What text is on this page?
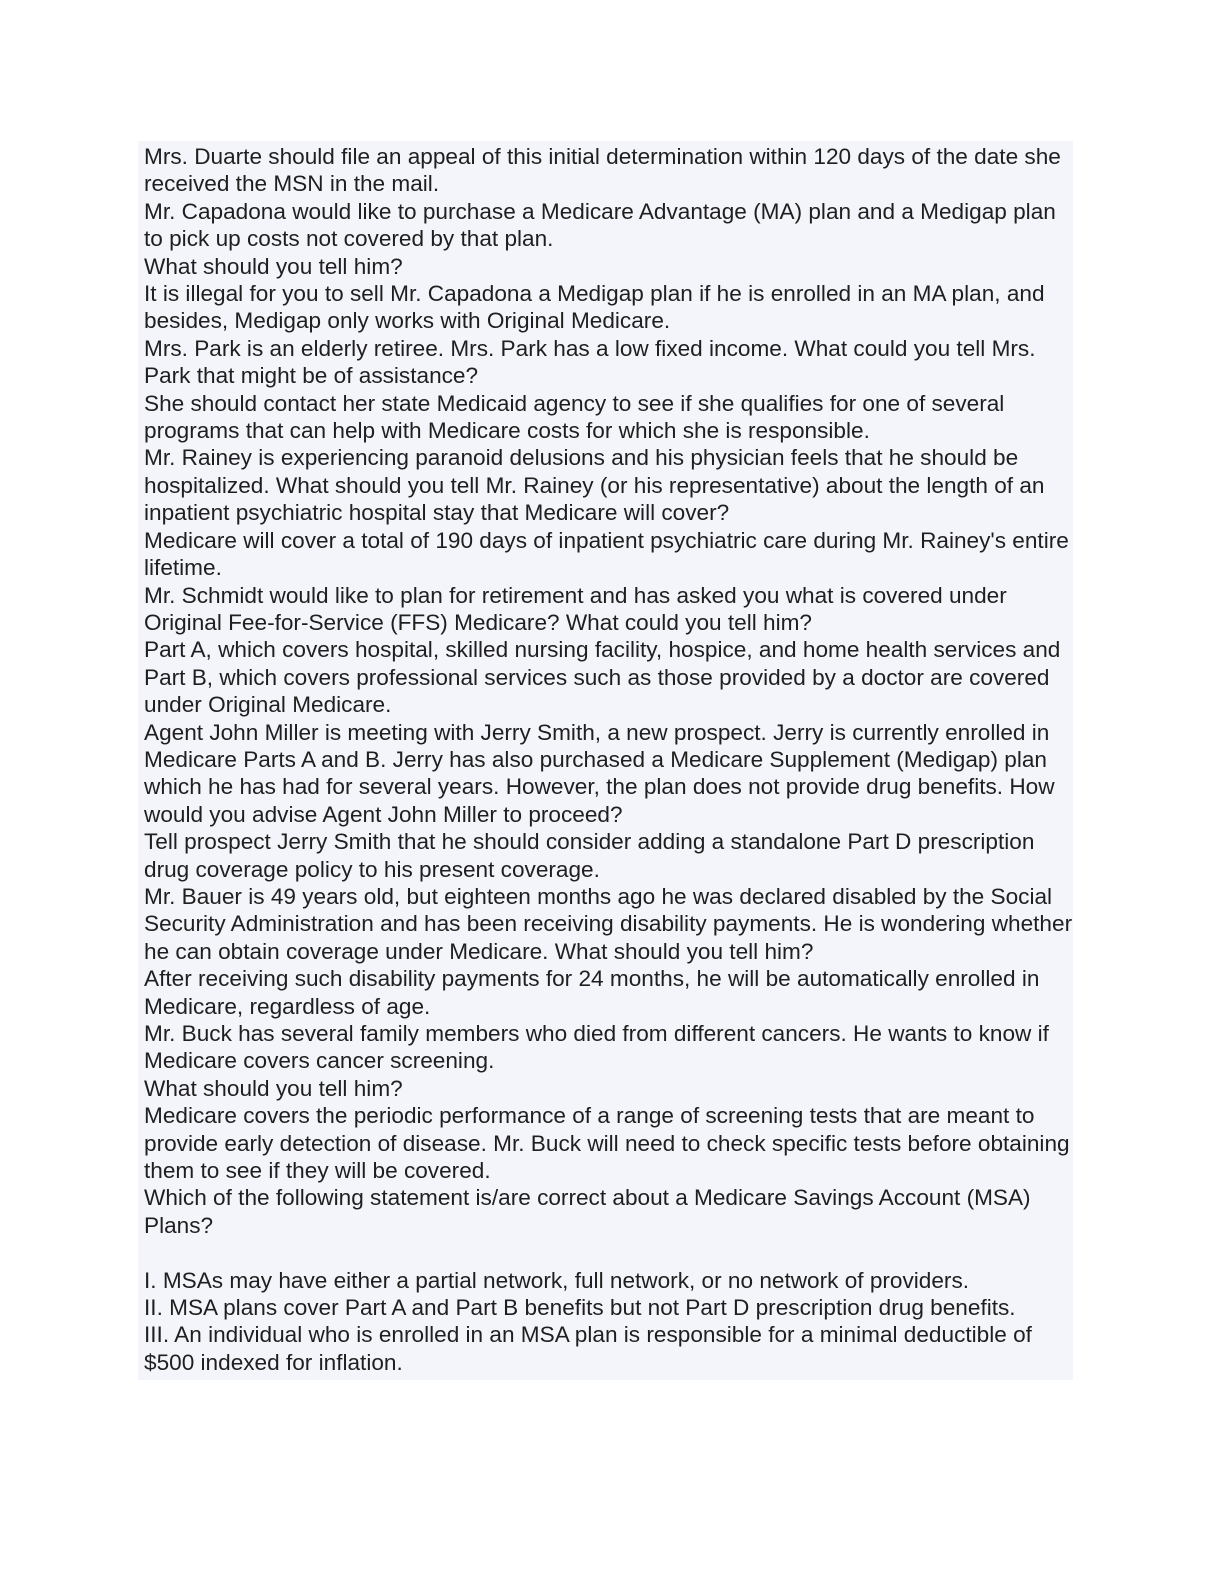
Mrs. Duarte should file an appeal of this initial determination within 120 days of the date she received the MSN in the mail.

Mr. Capadona would like to purchase a Medicare Advantage (MA) plan and a Medigap plan to pick up costs not covered by that plan.

What should you tell him?

It is illegal for you to sell Mr. Capadona a Medigap plan if he is enrolled in an MA plan, and besides, Medigap only works with Original Medicare.

Mrs. Park is an elderly retiree. Mrs. Park has a low fixed income. What could you tell Mrs. Park that might be of assistance?

She should contact her state Medicaid agency to see if she qualifies for one of several programs that can help with Medicare costs for which she is responsible.

Mr. Rainey is experiencing paranoid delusions and his physician feels that he should be hospitalized. What should you tell Mr. Rainey (or his representative) about the length of an inpatient psychiatric hospital stay that Medicare will cover?

Medicare will cover a total of 190 days of inpatient psychiatric care during Mr. Rainey's entire lifetime.

Mr. Schmidt would like to plan for retirement and has asked you what is covered under Original Fee-for-Service (FFS) Medicare? What could you tell him?

Part A, which covers hospital, skilled nursing facility, hospice, and home health services and Part B, which covers professional services such as those provided by a doctor are covered under Original Medicare.

Agent John Miller is meeting with Jerry Smith, a new prospect. Jerry is currently enrolled in Medicare Parts A and B. Jerry has also purchased a Medicare Supplement (Medigap) plan which he has had for several years. However, the plan does not provide drug benefits. How would you advise Agent John Miller to proceed?

Tell prospect Jerry Smith that he should consider adding a standalone Part D prescription drug coverage policy to his present coverage.

Mr. Bauer is 49 years old, but eighteen months ago he was declared disabled by the Social Security Administration and has been receiving disability payments. He is wondering whether he can obtain coverage under Medicare. What should you tell him?

After receiving such disability payments for 24 months, he will be automatically enrolled in Medicare, regardless of age.

Mr. Buck has several family members who died from different cancers. He wants to know if Medicare covers cancer screening.

What should you tell him?

Medicare covers the periodic performance of a range of screening tests that are meant to provide early detection of disease. Mr. Buck will need to check specific tests before obtaining them to see if they will be covered.

Which of the following statement is/are correct about a Medicare Savings Account (MSA) Plans?

I. MSAs may have either a partial network, full network, or no network of providers.

II. MSA plans cover Part A and Part B benefits but not Part D prescription drug benefits.

III. An individual who is enrolled in an MSA plan is responsible for a minimal deductible of $500 indexed for inflation.
